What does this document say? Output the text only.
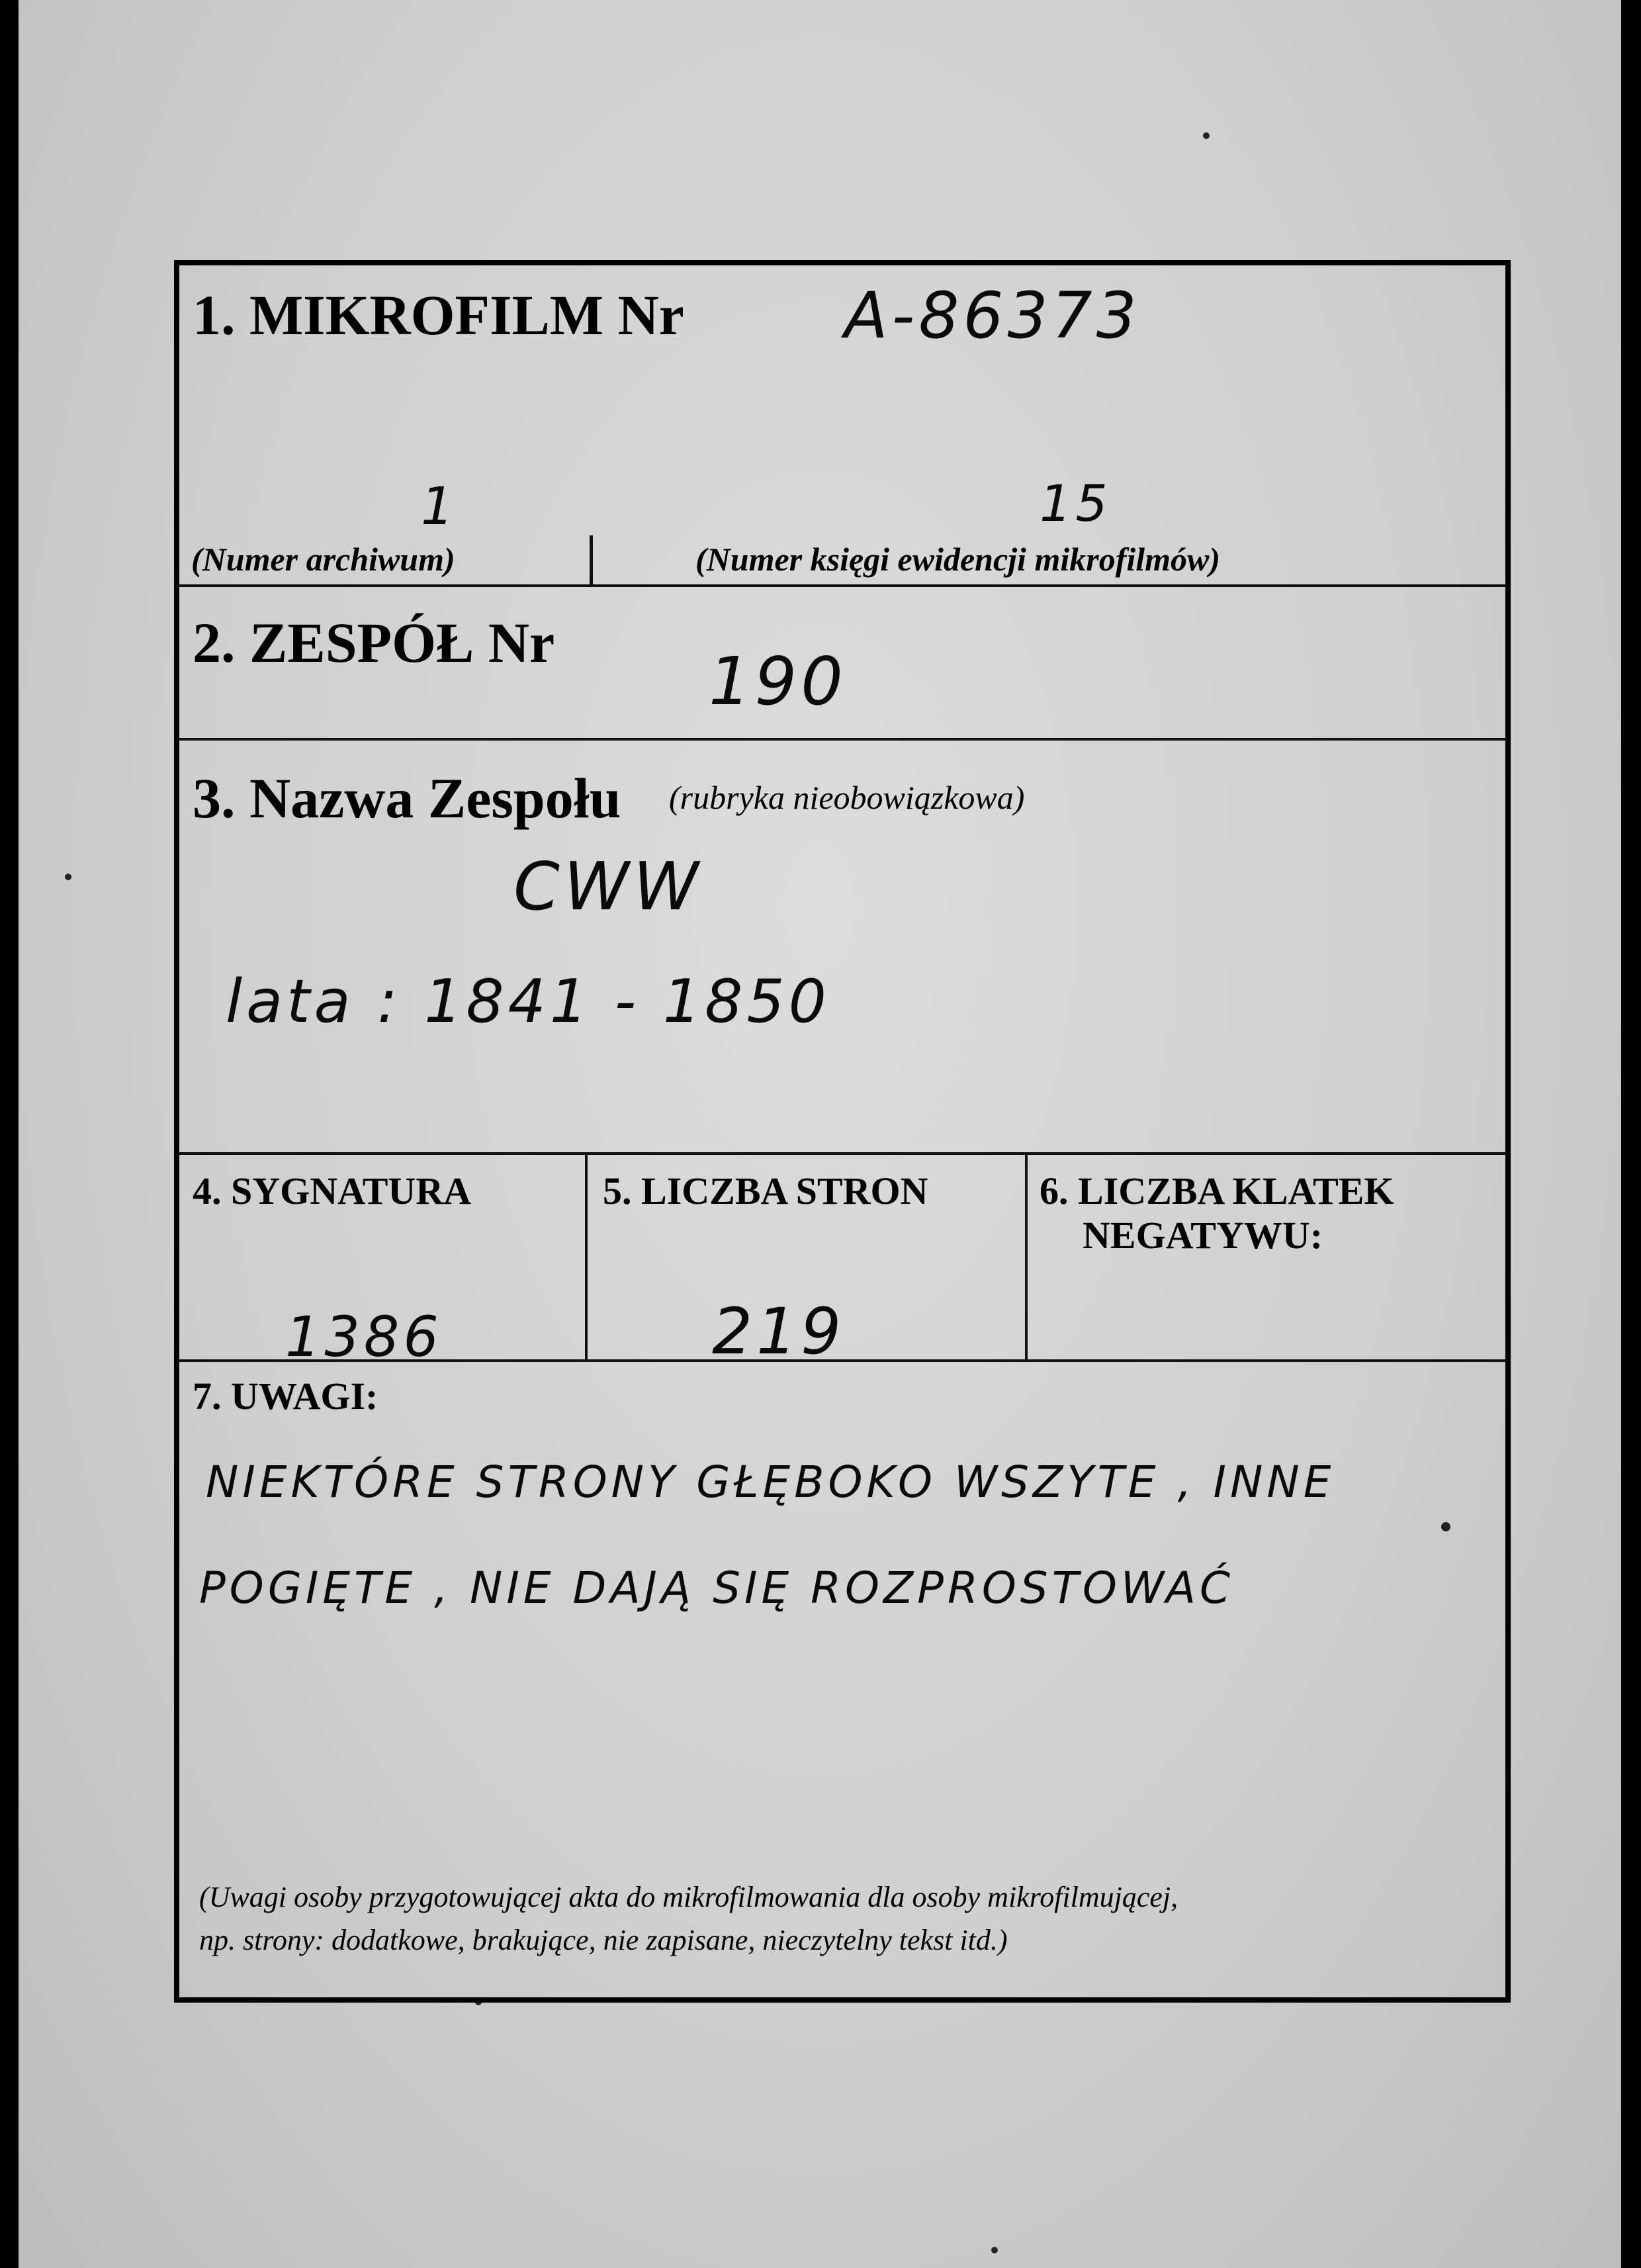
1. MIKROFILM Nr	A-86373
1	15
(Numer archiwum)	(Numer księgi ewidencji mikrofilmów)
2. ZESPÓŁ Nr 190
3. Nazwa Zespołu (rubryka nieobowiązkowa)
CWW
lata : 1841 - 1850
4. SYGNATURA
1386
5. LICZBA STRON
219
6. LICZBA KLATEK
NEGATYWU:
7. UWAGI:
NIEKTÓRE STRONY GŁĘBOKO WSZYTE , INNE
POGIĘTE , NIE DAJĄ SIĘ ROZPROSTOWAĆ
(Uwagi osoby przygotowującej akta do mikrofilmowania dla osoby mikrofilmującej,
np. strony: dodatkowe, brakujące, nie zapisane, nieczytelny tekst itd.)
